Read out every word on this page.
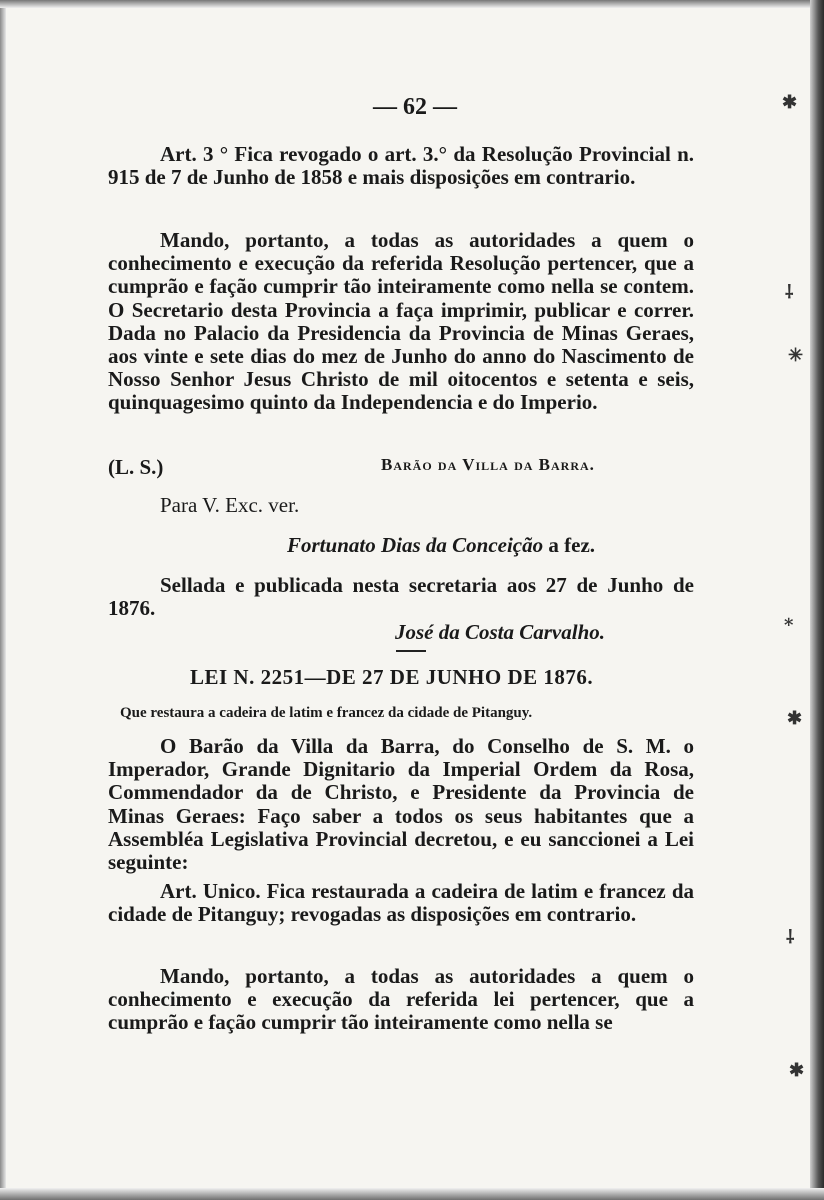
— 62 —

Art. 3 ° Fica revogado o art. 3.° da Resolução Provincial n. 915 de 7 de Junho de 1858 e mais disposições em contrario.

Mando, portanto, a todas as autoridades a quem o conhecimento e execução da referida Resolução pertencer, que a cumprão e fação cumprir tão inteiramente como nella se contem. O Secretario desta Provincia a faça imprimir, publicar e correr. Dada no Palacio da Presidencia da Provincia de Minas Geraes, aos vinte e sete dias do mez de Junho do anno do Nascimento de Nosso Senhor Jesus Christo de mil oitocentos e setenta e seis, quinquagesimo quinto da Independencia e do Imperio.

(L. S.)	Barão da Villa da Barra.
Para V. Exc. ver.
Fortunato Dias da Conceição a fez.

Sellada e publicada nesta secretaria aos 27 de Junho de 1876.

José da Costa Carvalho.
LEI N. 2251—DE 27 DE JUNHO DE 1876.
Que restaura a cadeira de latim e francez da cidade de Pitanguy.

O Barão da Villa da Barra, do Conselho de S. M. o Imperador, Grande Dignitario da Imperial Ordem da Rosa, Commendador da de Christo, e Presidente da Provincia de Minas Geraes: Faço saber a todos os seus habitantes que a Assembléa Legislativa Provincial decretou, e eu sanccionei a Lei seguinte:

Art. Unico. Fica restaurada a cadeira de latim e francez da cidade de Pitanguy; revogadas as disposições em contrario.

Mando, portanto, a todas as autoridades a quem o conhecimento e execução da referida lei pertencer, que a cumprão e fação cumprir tão inteiramente como nella se

✱
⸸
✳
⁎
✱
⸸
✱
